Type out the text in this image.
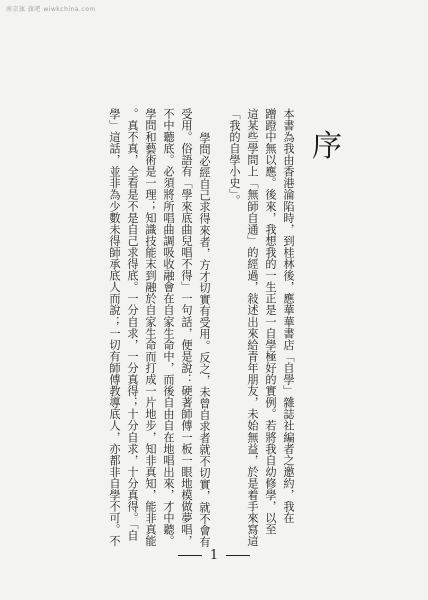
南京旗 旗吧 wiwkchina.com
序
本書為我由香港淪陷時，到桂林後，應華華書店「自學」雜誌社編者之邀約，我在
蹭蹬中無以應。後來，我想我的一生正是一自學極好的實例。若將我自幼修學，以至
這某些學問上「無師自通」的經過，敍述出來給青年朋友，未始無益，於是着手來寫這
「我的自學小史」。
學問必經自己求得來者，方才切實有受用。反之，未曾自求者就不切實，就不會有
受用。俗語有「學來底曲兒唱不得」一句話，便是說：硬著師傅一板一眼地模做夢唱，
不中聽底。必須將所唱曲調吸收融會在自家生命中，而後自由自在地唱出來，才中聽。
學問和藝術是一理；知識技能末到融於自家生命而打成一片地步，知非真知，能非真能
。真不真，全看是不是自己求得底。一分自求，一分真得；十分自求，十分真得。「自
學」這話，並非為少數未得師承底人而說；一切有師傅教導底人，亦都非自學不可。不
1
